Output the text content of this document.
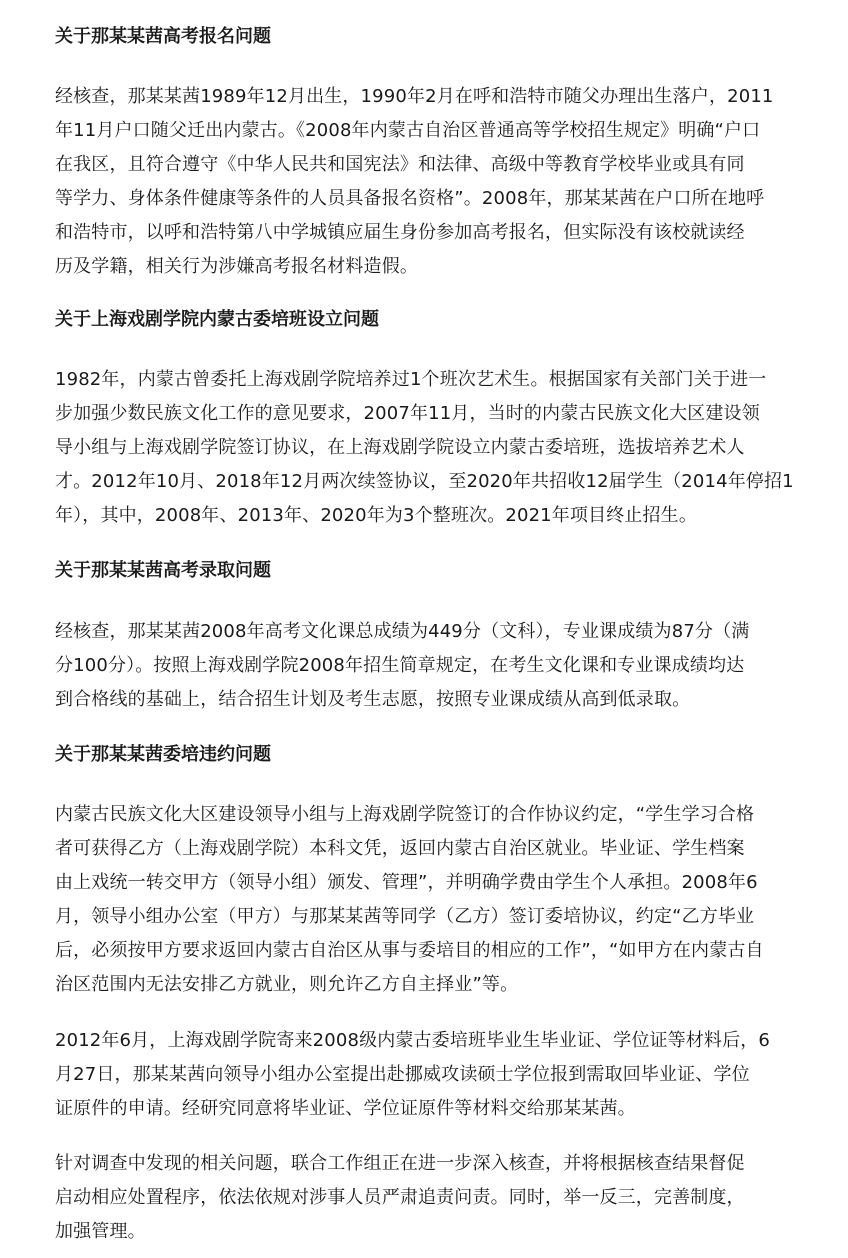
关于那某某茜高考报名问题
经核查，那某某茜1989年12月出生，1990年2月在呼和浩特市随父办理出生落户，2011
年11月户口随父迁出内蒙古。《2008年内蒙古自治区普通高等学校招生规定》明确“户口
在我区，且符合遵守《中华人民共和国宪法》和法律、高级中等教育学校毕业或具有同
等学力、身体条件健康等条件的人员具备报名资格”。2008年，那某某茜在户口所在地呼
和浩特市，以呼和浩特第八中学城镇应届生身份参加高考报名，但实际没有该校就读经
历及学籍，相关行为涉嫌高考报名材料造假。
关于上海戏剧学院内蒙古委培班设立问题
1982年，内蒙古曾委托上海戏剧学院培养过1个班次艺术生。根据国家有关部门关于进一
步加强少数民族文化工作的意见要求，2007年11月，当时的内蒙古民族文化大区建设领
导小组与上海戏剧学院签订协议，在上海戏剧学院设立内蒙古委培班，选拔培养艺术人
才。2012年10月、2018年12月两次续签协议，至2020年共招收12届学生（2014年停招1
年），其中，2008年、2013年、2020年为3个整班次。2021年项目终止招生。
关于那某某茜高考录取问题
经核查，那某某茜2008年高考文化课总成绩为449分（文科），专业课成绩为87分（满
分100分）。按照上海戏剧学院2008年招生简章规定，在考生文化课和专业课成绩均达
到合格线的基础上，结合招生计划及考生志愿，按照专业课成绩从高到低录取。
关于那某某茜委培违约问题
内蒙古民族文化大区建设领导小组与上海戏剧学院签订的合作协议约定，“学生学习合格
者可获得乙方（上海戏剧学院）本科文凭，返回内蒙古自治区就业。毕业证、学生档案
由上戏统一转交甲方（领导小组）颁发、管理”，并明确学费由学生个人承担。2008年6
月，领导小组办公室（甲方）与那某某茜等同学（乙方）签订委培协议，约定“乙方毕业
后，必须按甲方要求返回内蒙古自治区从事与委培目的相应的工作”，“如甲方在内蒙古自
治区范围内无法安排乙方就业，则允许乙方自主择业”等。
2012年6月，上海戏剧学院寄来2008级内蒙古委培班毕业生毕业证、学位证等材料后，6
月27日，那某某茜向领导小组办公室提出赴挪威攻读硕士学位报到需取回毕业证、学位
证原件的申请。经研究同意将毕业证、学位证原件等材料交给那某某茜。
针对调查中发现的相关问题，联合工作组正在进一步深入核查，并将根据核查结果督促
启动相应处置程序，依法依规对涉事人员严肃追责问责。同时，举一反三，完善制度，
加强管理。
